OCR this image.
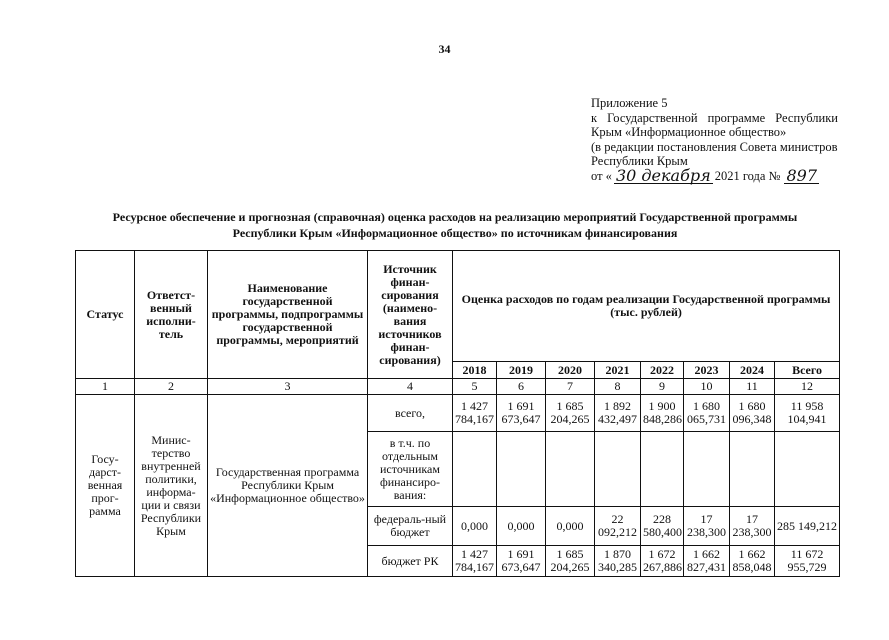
34
Приложение 5
к Государственной программе Республики
Крым «Информационное общество»
(в редакции постановления Совета министров
Республики Крым
от « 30 декабря 2021 года № 897
Ресурсное обеспечение и прогнозная (справочная) оценка расходов на реализацию мероприятий Государственной программы
Республики Крым «Информационное общество» по источникам финансирования
Статус	Ответст- венный исполни-тель	Наименование государственной программы, подпрограммы государственной программы, мероприятий	Источник финан-сирования (наимено-вания источников финан-сирования)	Оценка расходов по годам реализации Государственной программы (тыс. рублей)							
				2018	2019	2020	2021	2022	2023	2024	Всего
1	2	3	4	5	6	7	8	9	10	11	12
Госу-дарст-венная прог-рамма	Минис-терство внутренней политики, информа-ции и связи Республики Крым	Государственная программа Республики Крым «Информационное общество»	всего,	1 427 784,167	1 691 673,647	1 685 204,265	1 892 432,497	1 900 848,286	1 680 065,731	1 680 096,348	11 958 104,941
			в т.ч. по отдельным источникам финансиро-вания:								
			федераль-ный бюджет	0,000	0,000	0,000	22 092,212	228 580,400	17 238,300	17 238,300	285 149,212
			бюджет РК	1 427 784,167	1 691 673,647	1 685 204,265	1 870 340,285	1 672 267,886	1 662 827,431	1 662 858,048	11 672 955,729
